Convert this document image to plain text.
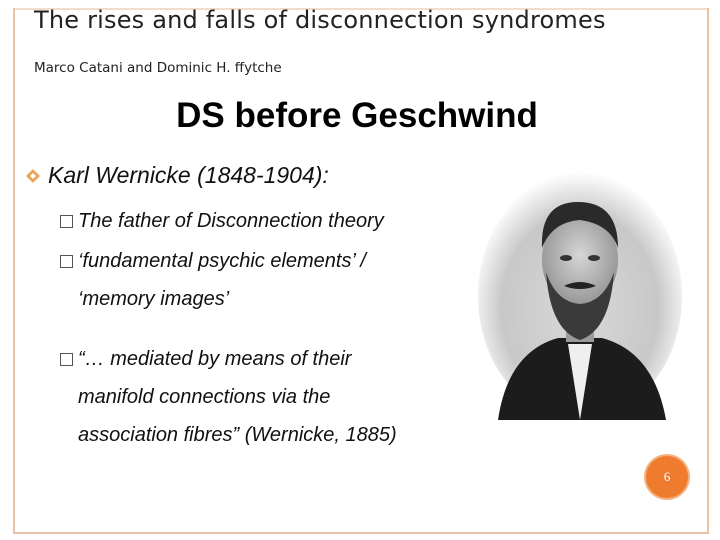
The rises and falls of disconnection syndromes
Marco Catani and Dominic H. ffytche
DS before Geschwind
Karl Wernicke (1848-1904):
The father of Disconnection theory
‘fundamental psychic elements’ /
‘memory images’
“… mediated by means of their
manifold connections via the
association fibres” (Wernicke, 1885)
6
